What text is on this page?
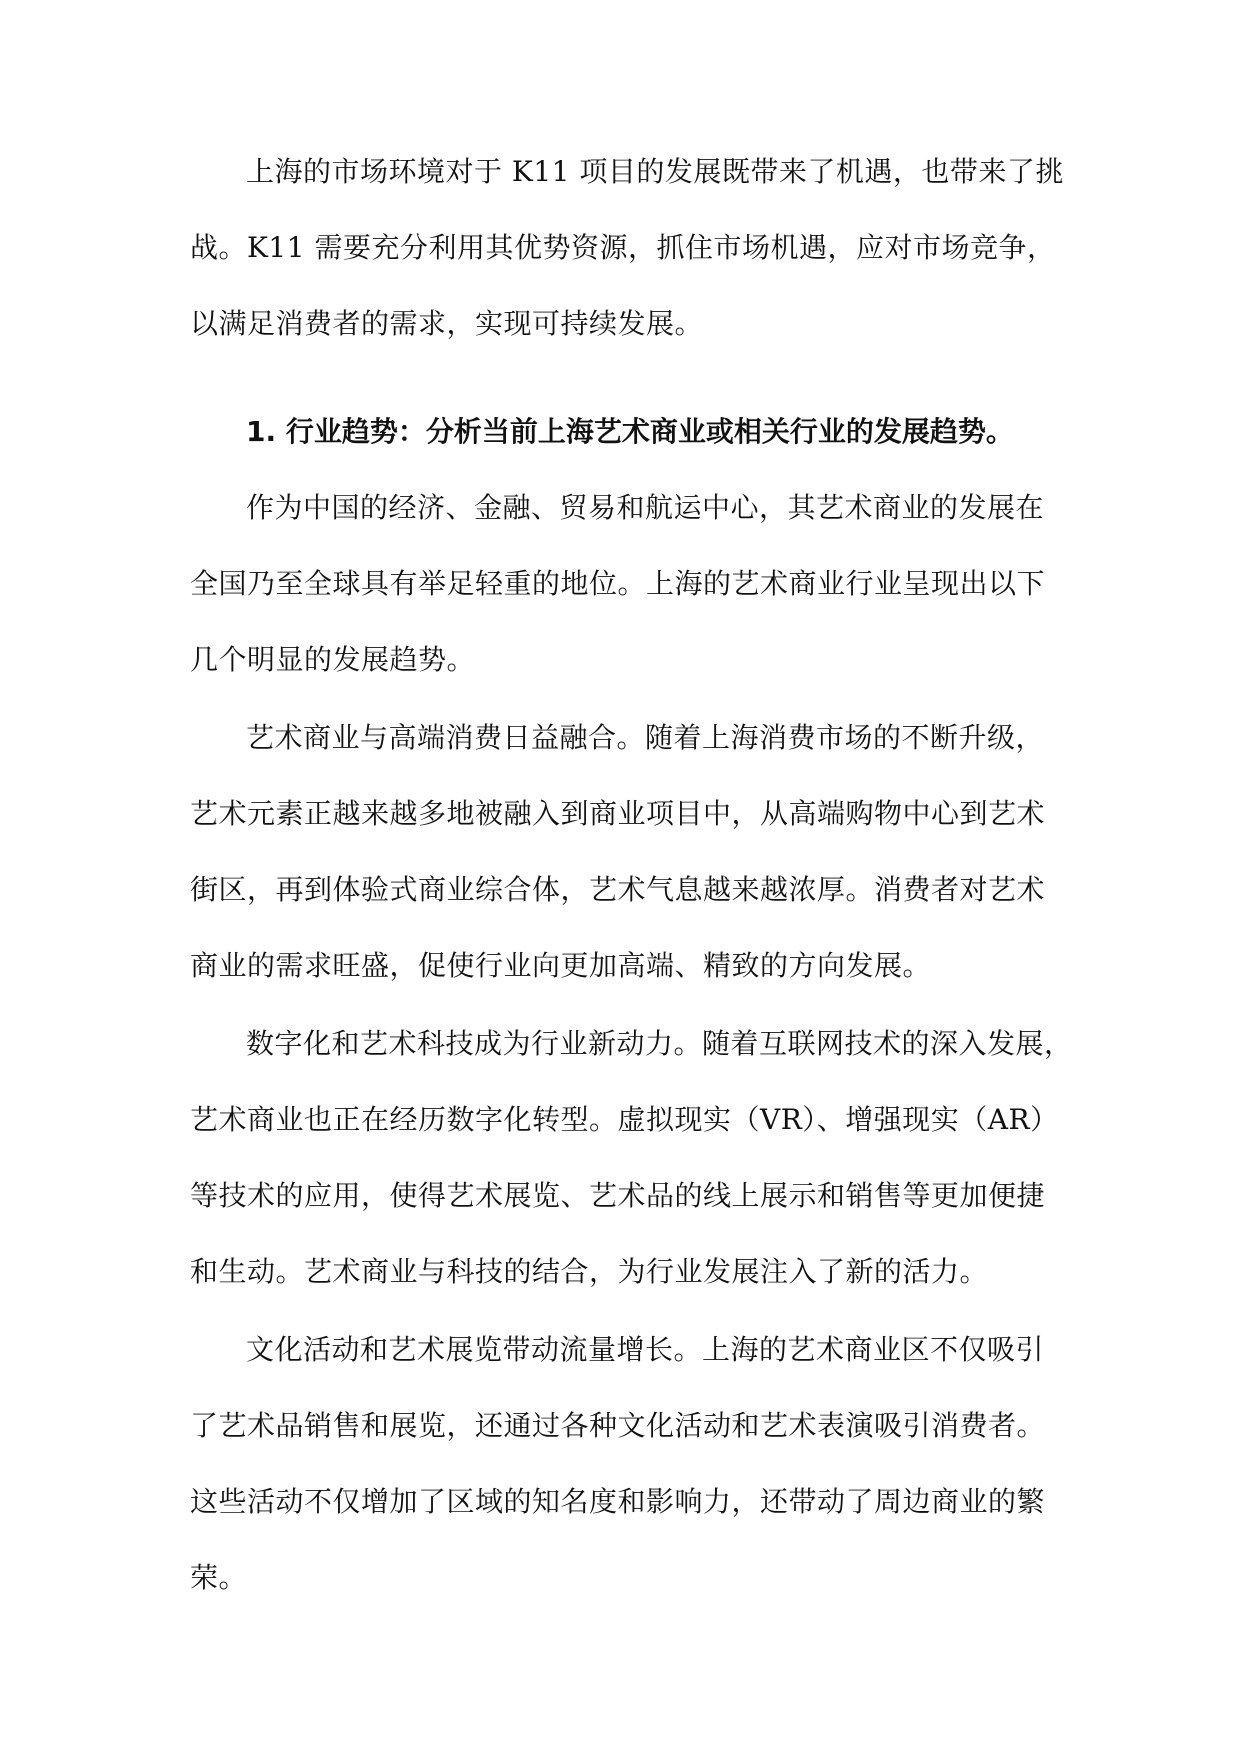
上海的市场环境对于 K11 项目的发展既带来了机遇，也带来了挑
战。K11 需要充分利用其优势资源，抓住市场机遇，应对市场竞争，
以满足消费者的需求，实现可持续发展。
1. 行业趋势：分析当前上海艺术商业或相关行业的发展趋势。
作为中国的经济、金融、贸易和航运中心，其艺术商业的发展在
全国乃至全球具有举足轻重的地位。上海的艺术商业行业呈现出以下
几个明显的发展趋势。
艺术商业与高端消费日益融合。随着上海消费市场的不断升级，
艺术元素正越来越多地被融入到商业项目中，从高端购物中心到艺术
街区，再到体验式商业综合体，艺术气息越来越浓厚。消费者对艺术
商业的需求旺盛，促使行业向更加高端、精致的方向发展。
数字化和艺术科技成为行业新动力。随着互联网技术的深入发展，
艺术商业也正在经历数字化转型。虚拟现实（VR）、增强现实（AR）
等技术的应用，使得艺术展览、艺术品的线上展示和销售等更加便捷
和生动。艺术商业与科技的结合，为行业发展注入了新的活力。
文化活动和艺术展览带动流量增长。上海的艺术商业区不仅吸引
了艺术品销售和展览，还通过各种文化活动和艺术表演吸引消费者。
这些活动不仅增加了区域的知名度和影响力，还带动了周边商业的繁
荣。
